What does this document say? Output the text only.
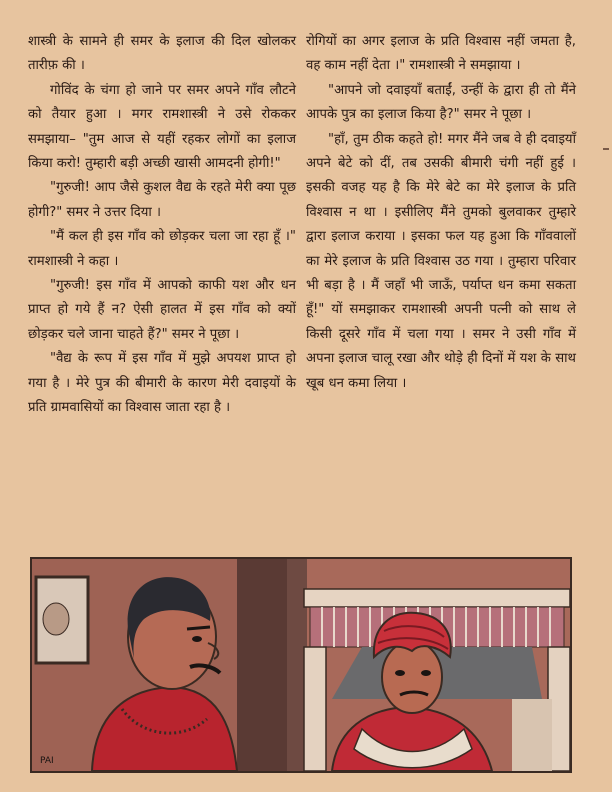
शास्त्री के सामने ही समर के इलाज की दिल खोलकर तारीफ़ की ।

गोविंद के चंगा हो जाने पर समर अपने गाँव लौटने को तैयार हुआ । मगर रामशास्त्री ने उसे रोककर समझाया– "तुम आज से यहीं रहकर लोगों का इलाज किया करो! तुम्हारी बड़ी अच्छी खासी आमदनी होगी!"

"गुरुजी! आप जैसे कुशल वैद्य के रहते मेरी क्या पूछ होगी?" समर ने उत्तर दिया ।

"मैं कल ही इस गाँव को छोड़कर चला जा रहा हूँ ।" रामशास्त्री ने कहा ।

"गुरुजी! इस गाँव में आपको काफी यश और धन प्राप्त हो गये हैं न? ऐसी हालत में इस गाँव को क्यों छोड़कर चले जाना चाहते हैं?" समर ने पूछा ।

"वैद्य के रूप में इस गाँव में मुझे अपयश प्राप्त हो गया है । मेरे पुत्र की बीमारी के कारण मेरी दवाइयों के प्रति ग्रामवासियों का विश्वास जाता रहा है ।

रोगियों का अगर इलाज के प्रति विश्वास नहीं जमता है, वह काम नहीं देता ।" रामशास्त्री ने समझाया ।

"आपने जो दवाइयाँ बताईं, उन्हीं के द्वारा ही तो मैंने आपके पुत्र का इलाज किया है?" समर ने पूछा ।

"हाँ, तुम ठीक कहते हो! मगर मैंने जब वे ही दवाइयाँ अपने बेटे को दीं, तब उसकी बीमारी चंगी नहीं हुई । इसकी वजह यह है कि मेरे बेटे का मेरे इलाज के प्रति विश्वास न था । इसीलिए मैंने तुमको बुलवाकर तुम्हारे द्वारा इलाज कराया । इसका फल यह हुआ कि गाँववालों का मेरे इलाज के प्रति विश्वास उठ गया । तुम्हारा परिवार भी बड़ा है । मैं जहाँ भी जाऊँ, पर्याप्त धन कमा सकता हूँ!" यों समझाकर रामशास्त्री अपनी पत्नी को साथ ले किसी दूसरे गाँव में चला गया । समर ने उसी गाँव में अपना इलाज चालू रखा और थोड़े ही दिनों में यश के साथ खूब धन कमा लिया ।

PAI
